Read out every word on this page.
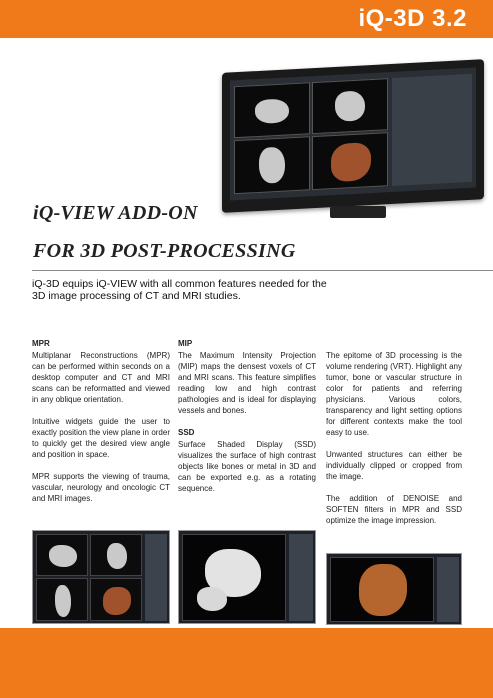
iQ-3D 3.2
iQ-VIEW ADD-ON
FOR 3D POST-PROCESSING
iQ-3D equips iQ-VIEW with all common features needed for the 3D image processing of CT and MRI studies.
MPR
Multiplanar Reconstructions (MPR) can be performed within seconds on a desktop computer and CT and MRI scans can be reformatted and viewed in any oblique orientation.
Intuitive widgets guide the user to exactly position the view plane in order to quickly get the desired view angle and position in space.
MPR supports the viewing of trauma, vascular, neurology and oncologic CT and MRI images.
MIP
The Maximum Intensity Projection (MIP) maps the densest voxels of CT and MRI scans. This feature simplifies reading low and high contrast pathologies and is ideal for displaying vessels and bones.
SSD
Surface Shaded Display (SSD) visualizes the surface of high contrast objects like bones or metal in 3D and can be exported e.g. as a rotating sequence.
The epitome of 3D processing is the volume rendering (VRT). Highlight any tumor, bone or vascular structure in color for patients and referring physicians. Various colors, transparency and light setting options for different contexts make the tool easy to use.
Unwanted structures can either be individually clipped or cropped from the image.
The addition of DENOISE and SOFTEN filters in MPR and SSD optimize the image impression.
